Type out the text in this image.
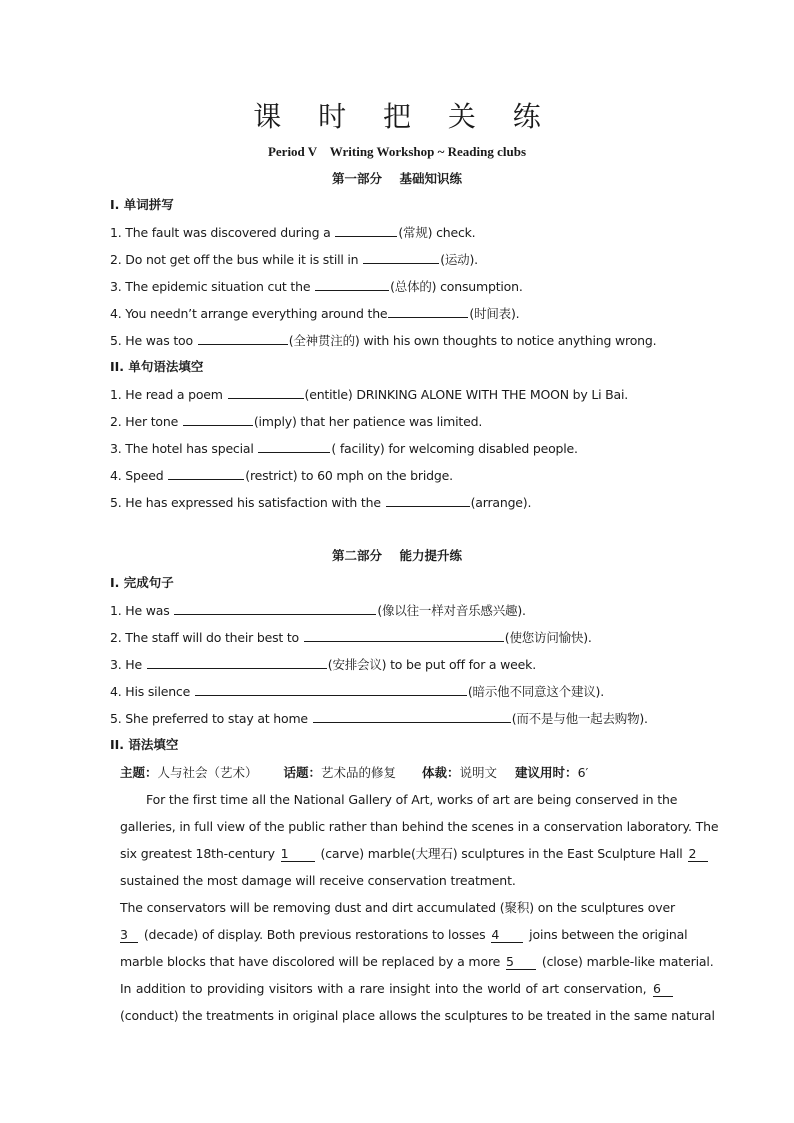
课 时 把 关 练
Period V    Writing Workshop ~ Reading clubs
第一部分    基础知识练
I. 单词拼写
1. The fault was discovered during a	(常规) check.
2. Do not get off the bus while it is still in	(运动).
3. The epidemic situation cut the	(总体的) consumption.
4. You needn’t arrange everything around the	(时间表).
5. He was too	(全神贯注的) with his own thoughts to notice anything wrong.
II. 单句语法填空
1. He read a poem	(entitle) DRINKING ALONE WITH THE MOON by Li Bai.
2. Her tone	(imply) that her patience was limited.
3. The hotel has special	( facility) for welcoming disabled people.
4. Speed	(restrict) to 60 mph on the bridge.
5. He has expressed his satisfaction with the	(arrange).
第二部分    能力提升练
I. 完成句子
1. He was	(像以往一样对音乐感兴趣).
2. The staff will do their best to	(使您访问愉快).
3. He	(安排会议) to be put off for a week.
4. His silence	(暗示他不同意这个建议).
5. She preferred to stay at home	(而不是与他一起去购物).
II. 语法填空
主题：人与社会（艺术） 话题：艺术品的修复 体裁：说明文 建议用时：6′
For the first time all the National Gallery of Art, works of art are being conserved in the
galleries, in full view of the public rather than behind the scenes in a conservation laboratory. The
six greatest 18th-century 1	(carve) marble(大理石) sculptures in the East Sculpture Hall 2
sustained the most damage will receive conservation treatment.
The conservators will be removing dust and dirt accumulated (聚积) on the sculptures over
3 (decade) of display. Both previous restorations to losses 4 joins between the original
marble blocks that have discolored will be replaced by a more 5 (close) marble-like material.
In addition to providing visitors with a rare insight into the world of art conservation, 6
(conduct) the treatments in original place allows the sculptures to be treated in the same natural
